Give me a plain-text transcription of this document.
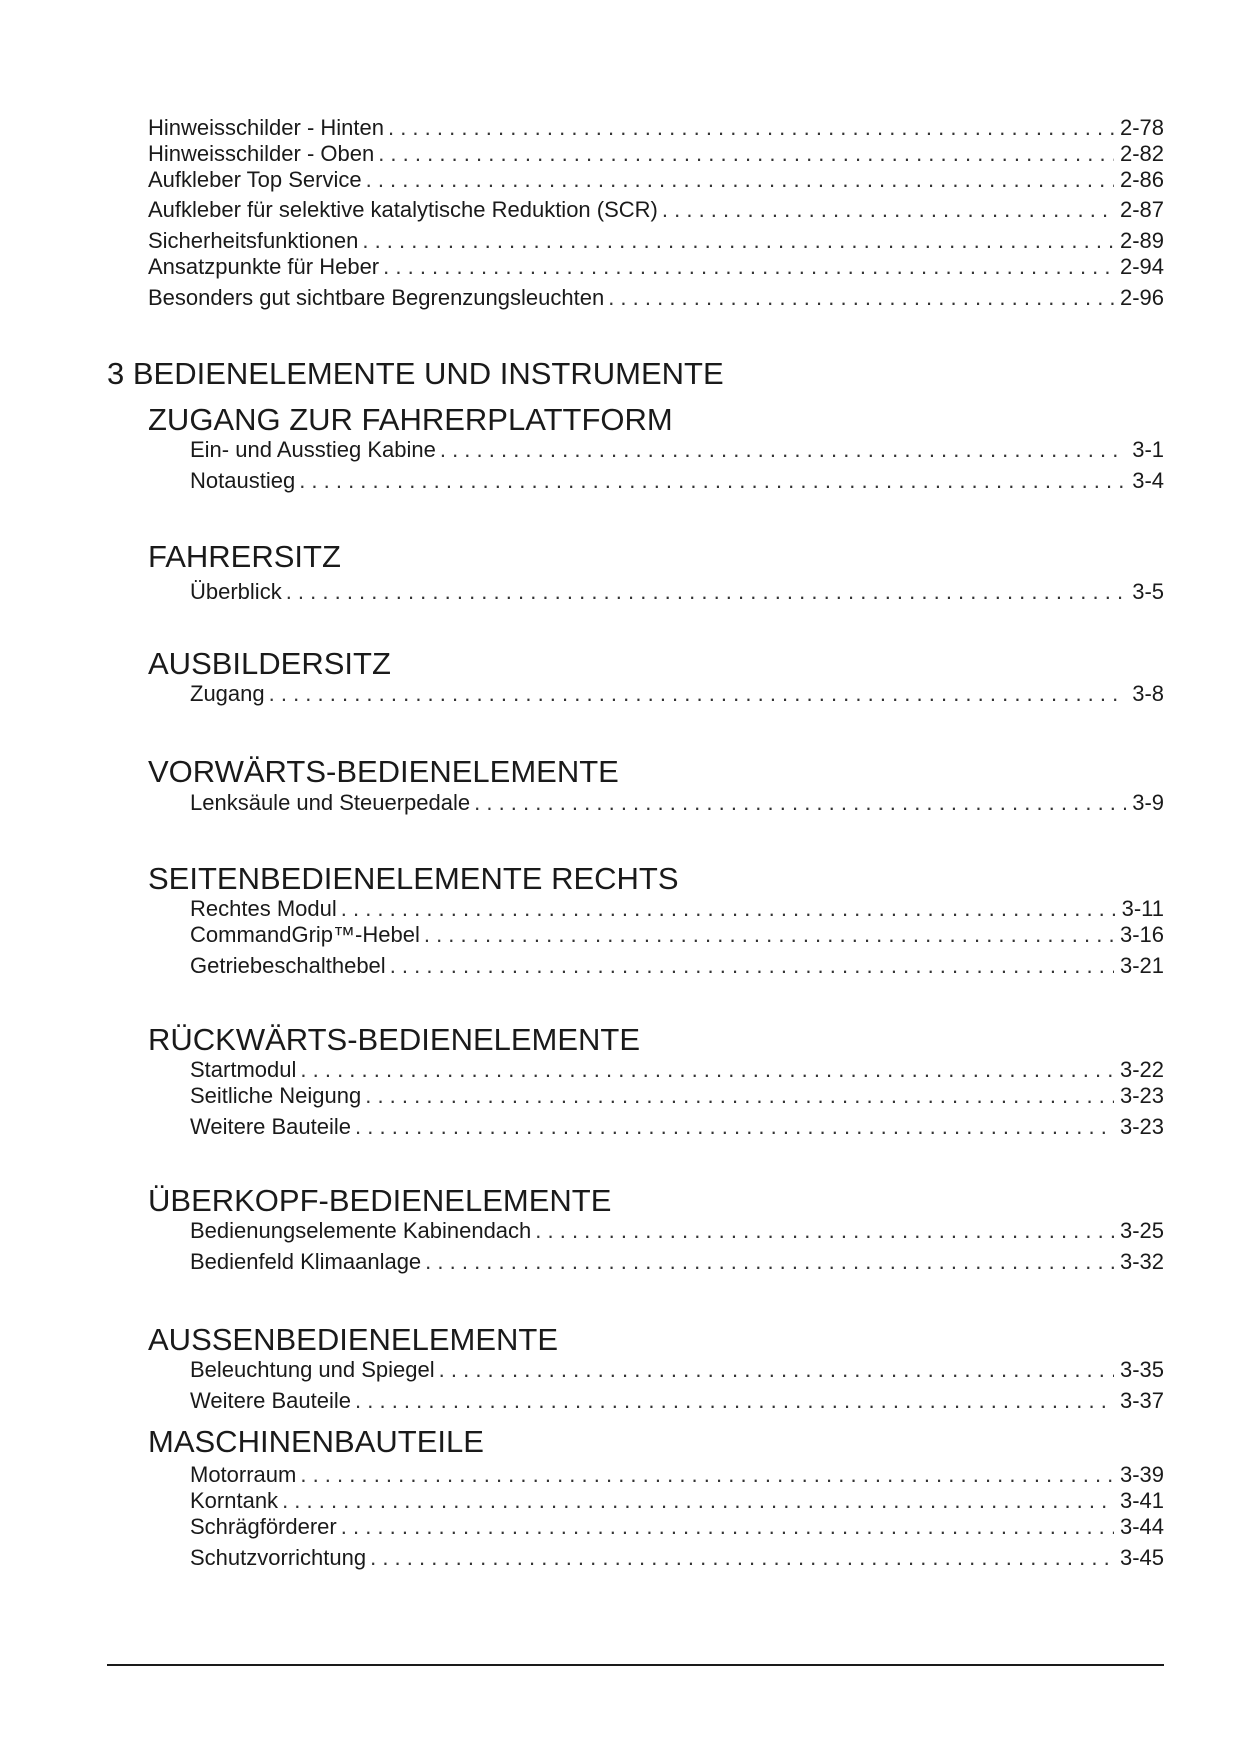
Hinweisschilder - Hinten . . .	2-78
Hinweisschilder - Oben . . .	2-82
Aufkleber Top Service . . .	2-86
Aufkleber für selektive katalytische Reduktion (SCR) . . .	2-87
Sicherheitsfunktionen . . .	2-89
Ansatzpunkte für Heber . . .	2-94
Besonders gut sichtbare Begrenzungsleuchten . . .	2-96
3 BEDIENELEMENTE UND INSTRUMENTE
ZUGANG ZUR FAHRERPLATTFORM
Ein- und Ausstieg Kabine . . .	3-1
Notaustieg . . .	3-4
FAHRERSITZ
Überblick . . .	3-5
AUSBILDERSITZ
Zugang . . .	3-8
VORWÄRTS-BEDIENELEMENTE
Lenksäule und Steuerpedale . . .	3-9
SEITENBEDIENELEMENTE RECHTS
Rechtes Modul . . .	3-11
CommandGrip™-Hebel . . .	3-16
Getriebeschalthebel . . .	3-21
RÜCKWÄRTS-BEDIENELEMENTE
Startmodul . . .	3-22
Seitliche Neigung . . .	3-23
Weitere Bauteile . . .	3-23
ÜBERKOPF-BEDIENELEMENTE
Bedienungselemente Kabinendach . . .	3-25
Bedienfeld Klimaanlage . . .	3-32
AUSSENBEDIENELEMENTE
Beleuchtung und Spiegel . . .	3-35
Weitere Bauteile . . .	3-37
MASCHINENBAUTEILE
Motorraum . . .	3-39
Korntank . . .	3-41
Schrägförderer . . .	3-44
Schutzvorrichtung . . .	3-45
